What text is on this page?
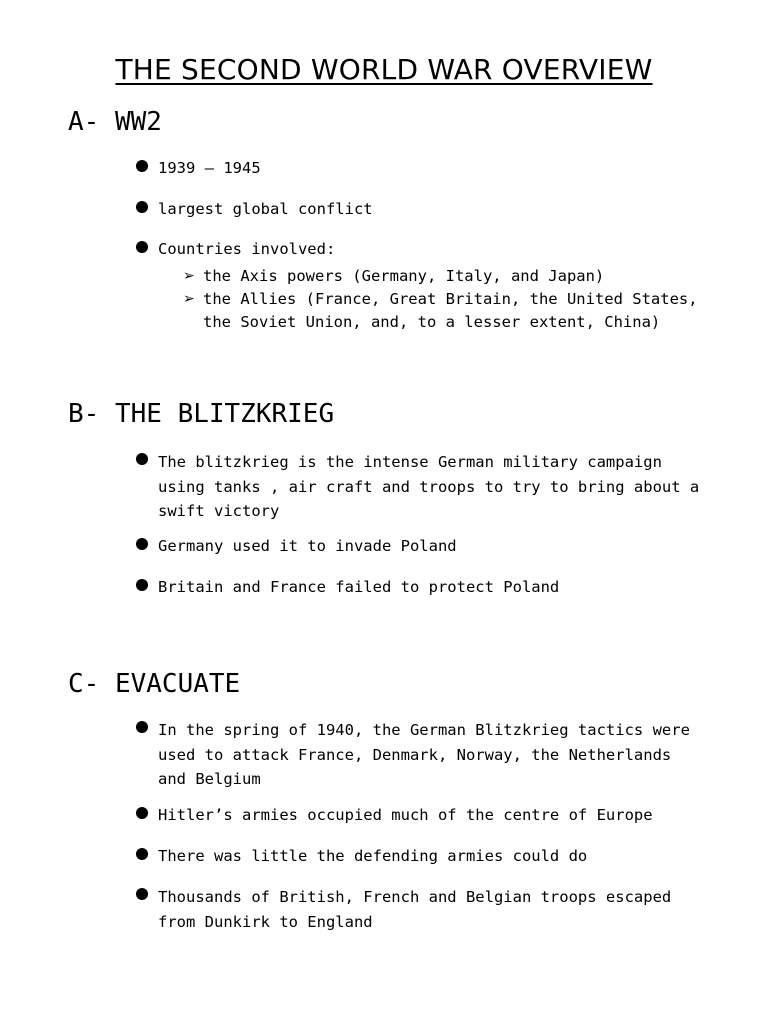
THE SECOND WORLD WAR OVERVIEW
A- WW2
1939 – 1945
largest global conflict
Countries involved:
➢ the Axis powers (Germany, Italy, and Japan)
➢ the Allies (France, Great Britain, the United States,
the Soviet Union, and, to a lesser extent, China)
B- THE BLITZKRIEG
The blitzkrieg is the intense German military campaign
using tanks , air craft and troops to try to bring about a
swift victory
Germany used it to invade Poland
Britain and France failed to protect Poland
C- EVACUATE
In the spring of 1940, the German Blitzkrieg tactics were
used to attack France, Denmark, Norway, the Netherlands
and Belgium
Hitler’s armies occupied much of the centre of Europe
There was little the defending armies could do
Thousands of British, French and Belgian troops escaped
from Dunkirk to England
